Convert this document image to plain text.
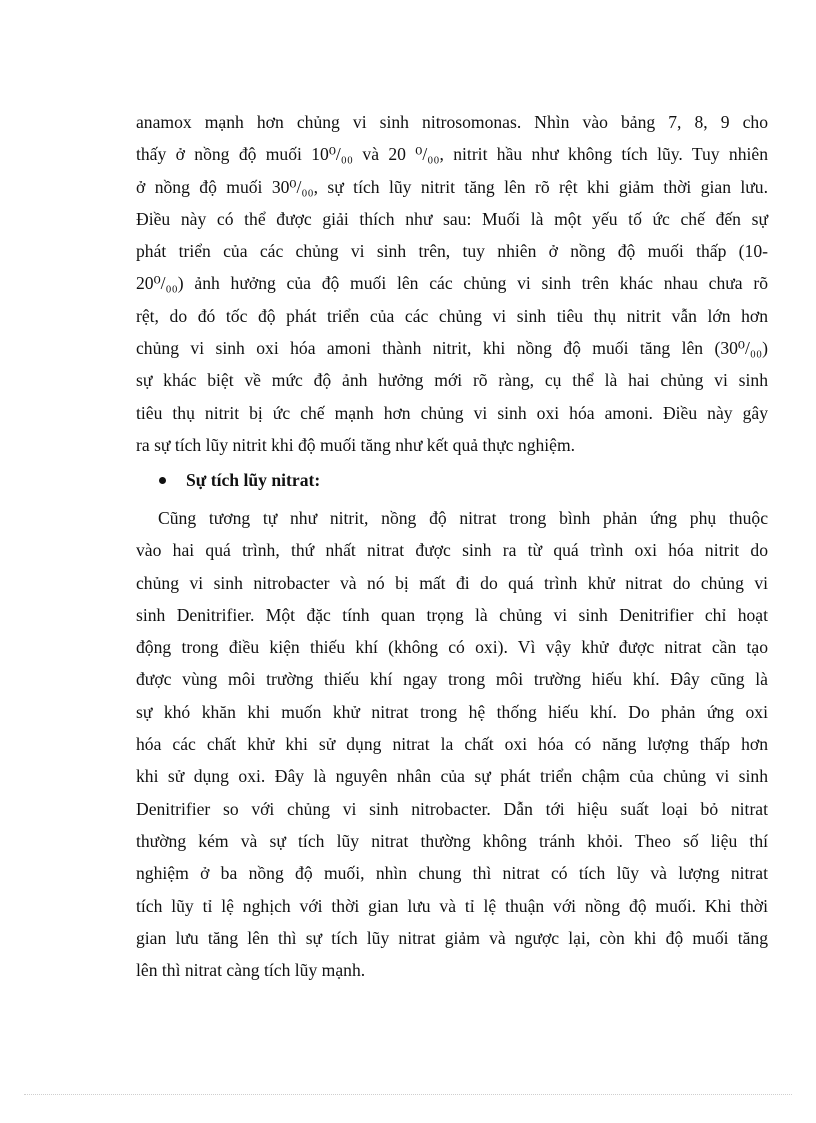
anamox mạnh hơn chủng vi sinh nitrosomonas. Nhìn vào bảng 7, 8, 9 cho
thấy ở nồng độ muối 10⁰/₀₀ và 20 ⁰/₀₀, nitrit hầu như không tích lũy. Tuy nhiên
ở nồng độ muối 30⁰/₀₀, sự tích lũy nitrit tăng lên rõ rệt khi giảm thời gian lưu.
Điều này có thể được giải thích như sau: Muối là một yếu tố ức chế đến sự
phát triển của các chủng vi sinh trên, tuy nhiên ở nồng độ muối thấp (10-
20⁰/₀₀) ảnh hưởng của độ muối lên các chủng vi sinh trên khác nhau chưa rõ
rệt, do đó tốc độ phát triển của các chủng vi sinh tiêu thụ nitrit vẫn lớn hơn
chủng vi sinh oxi hóa amoni thành nitrit, khi nồng độ muối tăng lên (30⁰/₀₀)
sự khác biệt về mức độ ảnh hưởng mới rõ ràng, cụ thể là hai chủng vi sinh
tiêu thụ nitrit bị ức chế mạnh hơn chủng vi sinh oxi hóa amoni. Điều này gây
ra sự tích lũy nitrit khi độ muối tăng như kết quả thực nghiệm.
Sự tích lũy nitrat:
Cũng tương tự như nitrit, nồng độ nitrat trong bình phản ứng phụ thuộc
vào hai quá trình, thứ nhất nitrat được sinh ra từ quá trình oxi hóa nitrit do
chủng vi sinh nitrobacter và nó bị mất đi do quá trình khử nitrat do chủng vi
sinh Denitrifier. Một đặc tính quan trọng là chủng vi sinh Denitrifier chỉ hoạt
động trong điều kiện thiếu khí (không có oxi). Vì vậy khử được nitrat cần tạo
được vùng môi trường thiếu khí ngay trong môi trường hiếu khí. Đây cũng là
sự khó khăn khi muốn khử nitrat trong hệ thống hiếu khí. Do phản ứng oxi
hóa các chất khử khi sử dụng nitrat la chất oxi hóa có năng lượng thấp hơn
khi sử dụng oxi. Đây là nguyên nhân của sự phát triển chậm của chủng vi sinh
Denitrifier so với chủng vi sinh nitrobacter. Dẫn tới hiệu suất loại bỏ nitrat
thường kém và sự tích lũy nitrat thường không tránh khỏi. Theo số liệu thí
nghiệm ở ba nồng độ muối, nhìn chung thì nitrat có tích lũy và lượng nitrat
tích lũy tỉ lệ nghịch với thời gian lưu và tỉ lệ thuận với nồng độ muối. Khi thời
gian lưu tăng lên thì sự tích lũy nitrat giảm và ngược lại, còn khi độ muối tăng
lên thì nitrat càng tích lũy mạnh.
